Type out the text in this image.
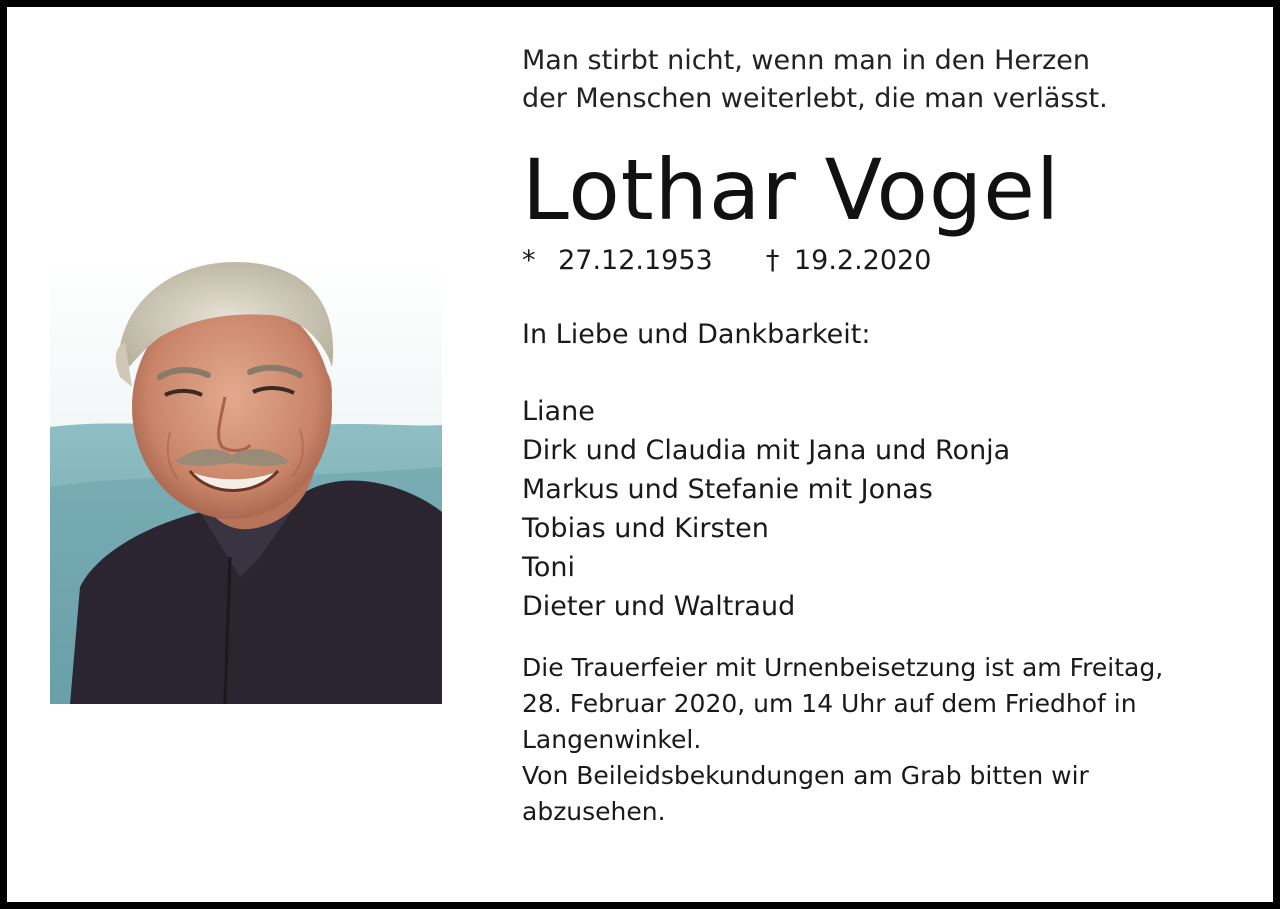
Man stirbt nicht, wenn man in den Herzen
der Menschen weiterlebt, die man verlässt.
Lothar Vogel
* 27.12.1953 † 19.2.2020
In Liebe und Dankbarkeit:
Liane
Dirk und Claudia mit Jana und Ronja
Markus und Stefanie mit Jonas
Tobias und Kirsten
Toni
Dieter und Waltraud
Die Trauerfeier mit Urnenbeisetzung ist am Freitag,
28. Februar 2020, um 14 Uhr auf dem Friedhof in
Langenwinkel.
Von Beileidsbekundungen am Grab bitten wir
abzusehen.
